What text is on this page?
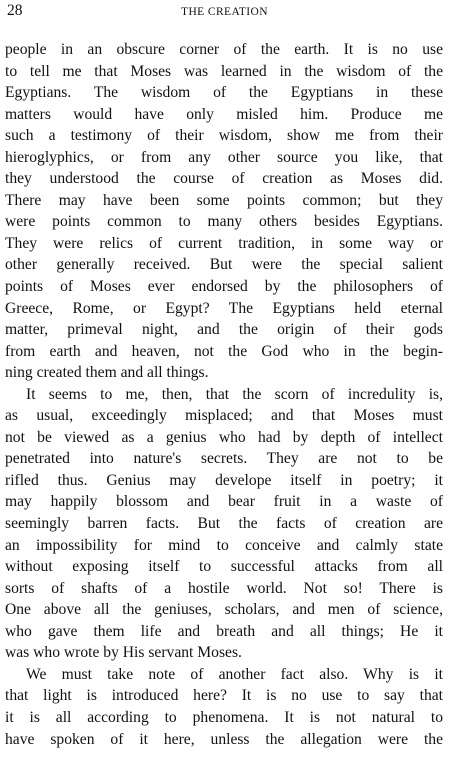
28	THE CREATION
people in an obscure corner of the earth. It is no use
to tell me that Moses was learned in the wisdom of the
Egyptians. The wisdom of the Egyptians in these
matters would have only misled him. Produce me
such a testimony of their wisdom, show me from their
hieroglyphics, or from any other source you like, that
they understood the course of creation as Moses did.
There may have been some points common; but they
were points common to many others besides Egyptians.
They were relics of current tradition, in some way or
other generally received. But were the special salient
points of Moses ever endorsed by the philosophers of
Greece, Rome, or Egypt? The Egyptians held eternal
matter, primeval night, and the origin of their gods
from earth and heaven, not the God who in the begin-
ning created them and all things.
It seems to me, then, that the scorn of incredulity is,
as usual, exceedingly misplaced; and that Moses must
not be viewed as a genius who had by depth of intellect
penetrated into nature's secrets. They are not to be
rifled thus. Genius may develope itself in poetry; it
may happily blossom and bear fruit in a waste of
seemingly barren facts. But the facts of creation are
an impossibility for mind to conceive and calmly state
without exposing itself to successful attacks from all
sorts of shafts of a hostile world. Not so! There is
One above all the geniuses, scholars, and men of science,
who gave them life and breath and all things; He it
was who wrote by His servant Moses.
We must take note of another fact also. Why is it
that light is introduced here? It is no use to say that
it is all according to phenomena. It is not natural to
have spoken of it here, unless the allegation were the
